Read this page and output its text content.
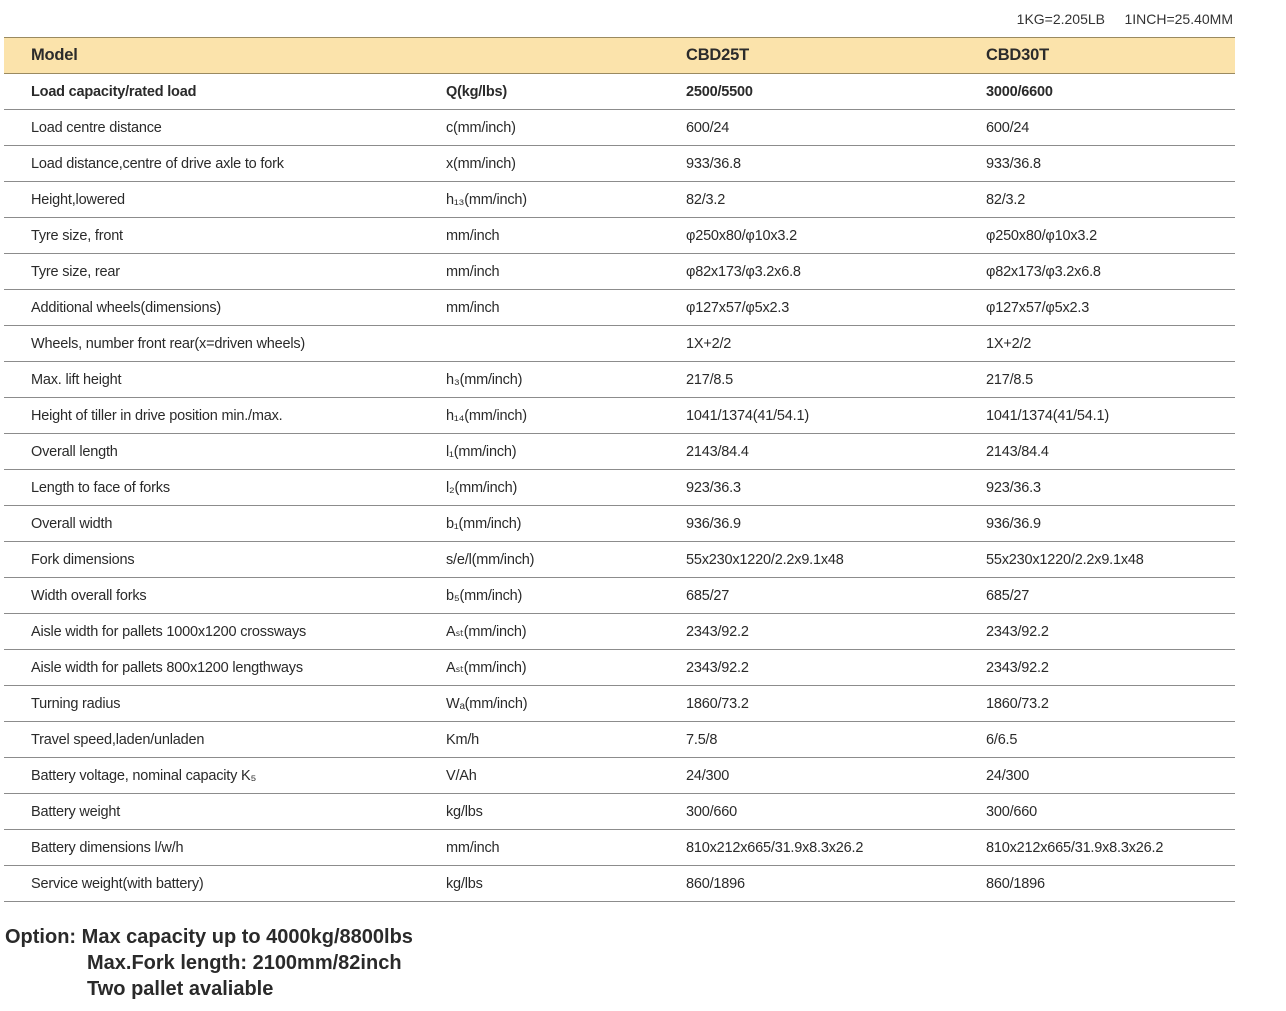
1KG=2.205LB     1INCH=25.40MM
Model		CBD25T	CBD30T
Load capacity/rated load	Q(kg/lbs)	2500/5500	3000/6600
Load centre distance	c(mm/inch)	600/24	600/24
Load distance,centre of drive axle to fork	x(mm/inch)	933/36.8	933/36.8
Height,lowered	h₁₃(mm/inch)	82/3.2	82/3.2
Tyre size, front	mm/inch	φ250x80/φ10x3.2	φ250x80/φ10x3.2
Tyre size, rear	mm/inch	φ82x173/φ3.2x6.8	φ82x173/φ3.2x6.8
Additional wheels(dimensions)	mm/inch	φ127x57/φ5x2.3	φ127x57/φ5x2.3
Wheels, number front rear(x=driven wheels)		1X+2/2	1X+2/2
Max. lift height	h₃(mm/inch)	217/8.5	217/8.5
Height of tiller in drive position min./max.	h₁₄(mm/inch)	1041/1374(41/54.1)	1041/1374(41/54.1)
Overall length	l₁(mm/inch)	2143/84.4	2143/84.4
Length to face of forks	l₂(mm/inch)	923/36.3	923/36.3
Overall width	b₁(mm/inch)	936/36.9	936/36.9
Fork dimensions	s/e/l(mm/inch)	55x230x1220/2.2x9.1x48	55x230x1220/2.2x9.1x48
Width overall forks	b₅(mm/inch)	685/27	685/27
Aisle width for pallets 1000x1200 crossways	Aₛₜ(mm/inch)	2343/92.2	2343/92.2
Aisle width for pallets 800x1200 lengthways	Aₛₜ(mm/inch)	2343/92.2	2343/92.2
Turning radius	Wₐ(mm/inch)	1860/73.2	1860/73.2
Travel speed,laden/unladen	Km/h	7.5/8	6/6.5
Battery voltage, nominal capacity K₅	V/Ah	24/300	24/300
Battery weight	kg/lbs	300/660	300/660
Battery dimensions l/w/h	mm/inch	810x212x665/31.9x8.3x26.2	810x212x665/31.9x8.3x26.2
Service weight(with battery)	kg/lbs	860/1896	860/1896
Option: Max capacity up to 4000kg/8800lbs
Max.Fork length: 2100mm/82inch
Two pallet avaliable
